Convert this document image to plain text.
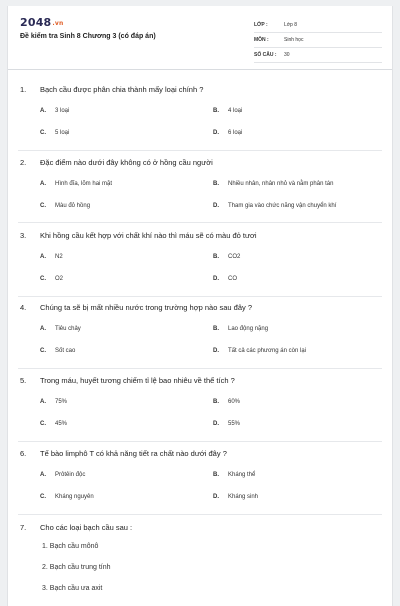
2048.vn
Đề kiểm tra Sinh 8 Chương 3 (có đáp án)
LỚP :	Lớp 8
MÔN :	Sinh học
SỐ CÂU :	30
1. Bạch cầu được phân chia thành mấy loại chính ?
A. 3 loại	B. 4 loại
C. 5 loại	D. 6 loại
2. Đặc điểm nào dưới đây không có ở hồng cầu người
A. Hình đĩa, lõm hai mặt	B. Nhiều nhân, nhân nhỏ và nằm phân tán
C. Màu đỏ hồng	D. Tham gia vào chức năng vận chuyển khí
3. Khi hồng cầu kết hợp với chất khí nào thì máu sẽ có màu đỏ tươi
A. N2	B. CO2
C. O2	D. CO
4. Chúng ta sẽ bị mất nhiều nước trong trường hợp nào sau đây ?
A. Tiêu chảy	B. Lao động nặng
C. Sốt cao	D. Tất cả các phương án còn lại
5. Trong máu, huyết tương chiếm tỉ lệ bao nhiêu về thể tích ?
A. 75%	B. 60%
C. 45%	D. 55%
6. Tế bào limphô T có khả năng tiết ra chất nào dưới đây ?
A. Prôtêin độc	B. Kháng thể
C. Kháng nguyên	D. Kháng sinh
7. Cho các loại bạch cầu sau :
1. Bạch cầu mônô
2. Bạch cầu trung tính
3. Bạch cầu ưa axit
